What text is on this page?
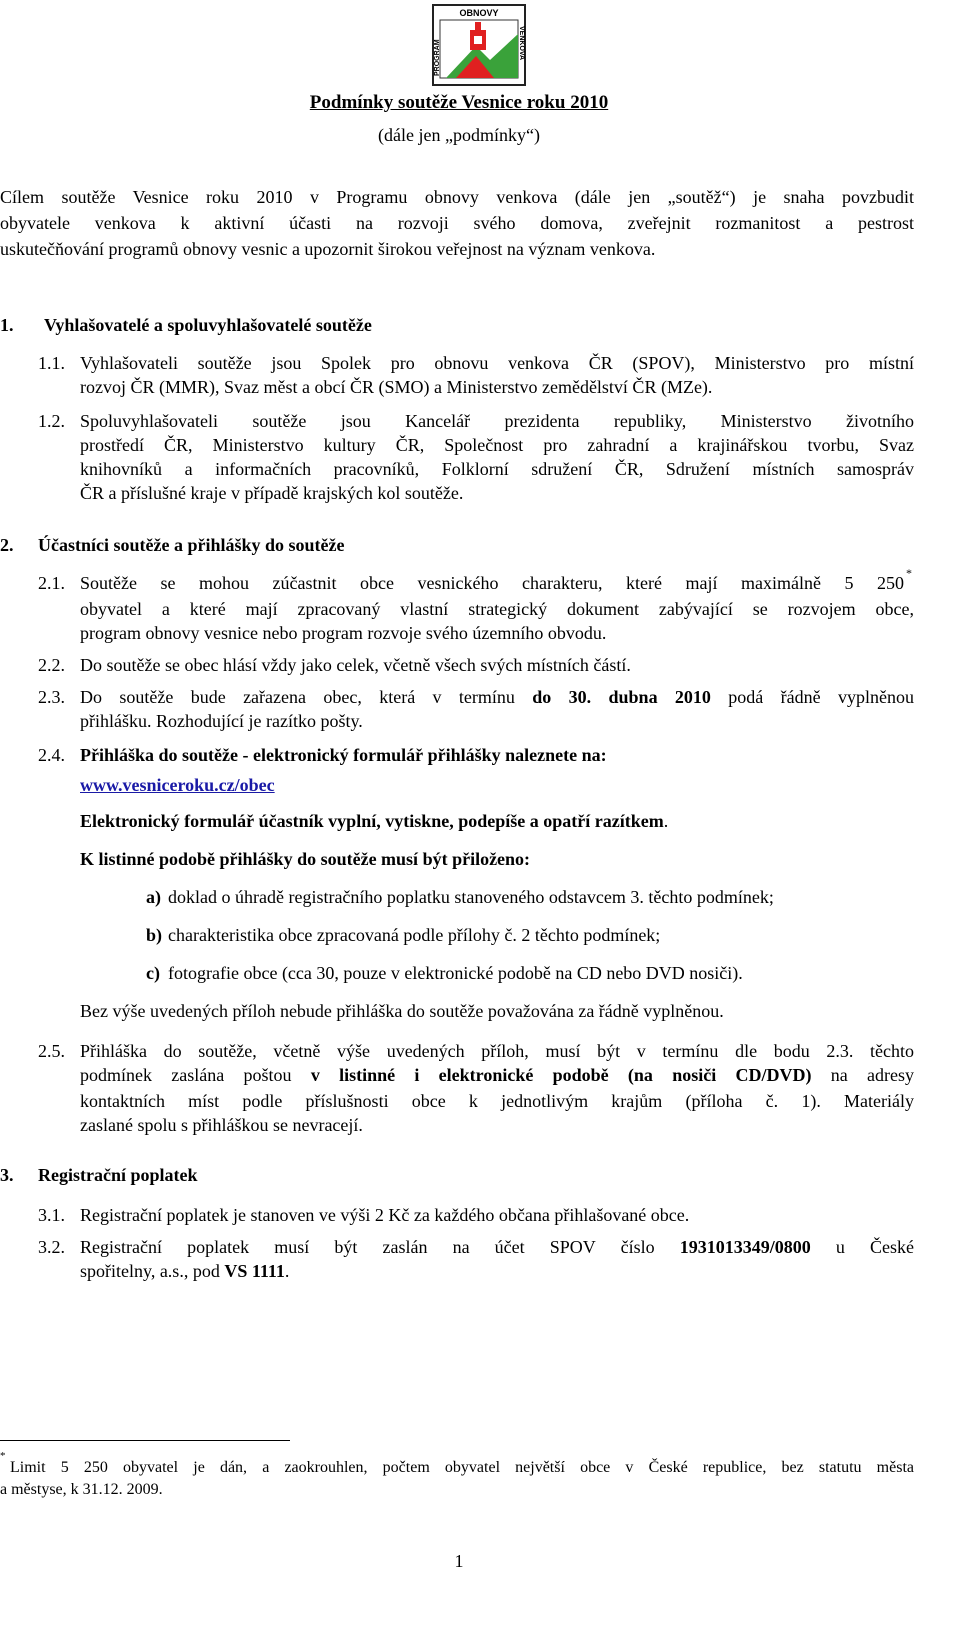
OBNOVY
PROGRAM	VENKOVA
Podmínky soutěže Vesnice roku 2010
(dále jen „podmínky“)
Cílem soutěže Vesnice roku 2010 v Programu obnovy venkova (dále jen „soutěž“) je snaha povzbudit
obyvatele venkova k aktivní účasti na rozvoji svého domova, zveřejnit rozmanitost a pestrost
uskutečňování programů obnovy vesnic a upozornit širokou veřejnost na význam venkova.
1. Vyhlašovatelé a spoluvyhlašovatelé soutěže
1.1. Vyhlašovateli soutěže jsou Spolek pro obnovu venkova ČR (SPOV), Ministerstvo pro místní
rozvoj ČR (MMR), Svaz měst a obcí ČR (SMO) a Ministerstvo zemědělství ČR (MZe).
1.2. Spoluvyhlašovateli soutěže jsou Kancelář prezidenta republiky, Ministerstvo životního
prostředí ČR, Ministerstvo kultury ČR, Společnost pro zahradní a krajinářskou tvorbu, Svaz
knihovníků a informačních pracovníků, Folklorní sdružení ČR, Sdružení místních samospráv
ČR a příslušné kraje v případě krajských kol soutěže.
2. Účastníci soutěže a přihlášky do soutěže
2.1. Soutěže se mohou zúčastnit obce vesnického charakteru, které mají maximálně 5 250 *
obyvatel a které mají zpracovaný vlastní strategický dokument zabývající se rozvojem obce,
program obnovy vesnice nebo program rozvoje svého územního obvodu.
2.2. Do soutěže se obec hlásí vždy jako celek, včetně všech svých místních částí.
2.3. Do soutěže bude zařazena obec, která v termínu do 30. dubna 2010 podá řádně vyplněnou
přihlášku. Rozhodující je razítko pošty.
2.4. Přihláška do soutěže - elektronický formulář přihlášky naleznete na:
www.vesniceroku.cz/obec
Elektronický formulář účastník vyplní, vytiskne, podepíše a opatří razítkem.
K listinné podobě přihlášky do soutěže musí být přiloženo:
a) doklad o úhradě registračního poplatku stanoveného odstavcem 3. těchto podmínek;
b) charakteristika obce zpracovaná podle přílohy č. 2 těchto podmínek;
c) fotografie obce (cca 30, pouze v elektronické podobě na CD nebo DVD nosiči).
Bez výše uvedených příloh nebude přihláška do soutěže považována za řádně vyplněnou.
2.5. Přihláška do soutěže, včetně výše uvedených příloh, musí být v termínu dle bodu 2.3. těchto
podmínek zaslána poštou v listinné i elektronické podobě (na nosiči CD/DVD) na adresy
kontaktních míst podle příslušnosti obce k jednotlivým krajům (příloha č. 1). Materiály
zaslané spolu s přihláškou se nevracejí.
3. Registrační poplatek
3.1. Registrační poplatek je stanoven ve výši 2 Kč za každého občana přihlašované obce.
3.2. Registrační poplatek musí být zaslán na účet SPOV číslo 1931013349/0800 u České
spořitelny, a.s., pod VS 1111.
*
Limit 5 250 obyvatel je dán, a zaokrouhlen, počtem obyvatel největší obce v České republice, bez statutu města
a městyse, k 31.12. 2009.
1
